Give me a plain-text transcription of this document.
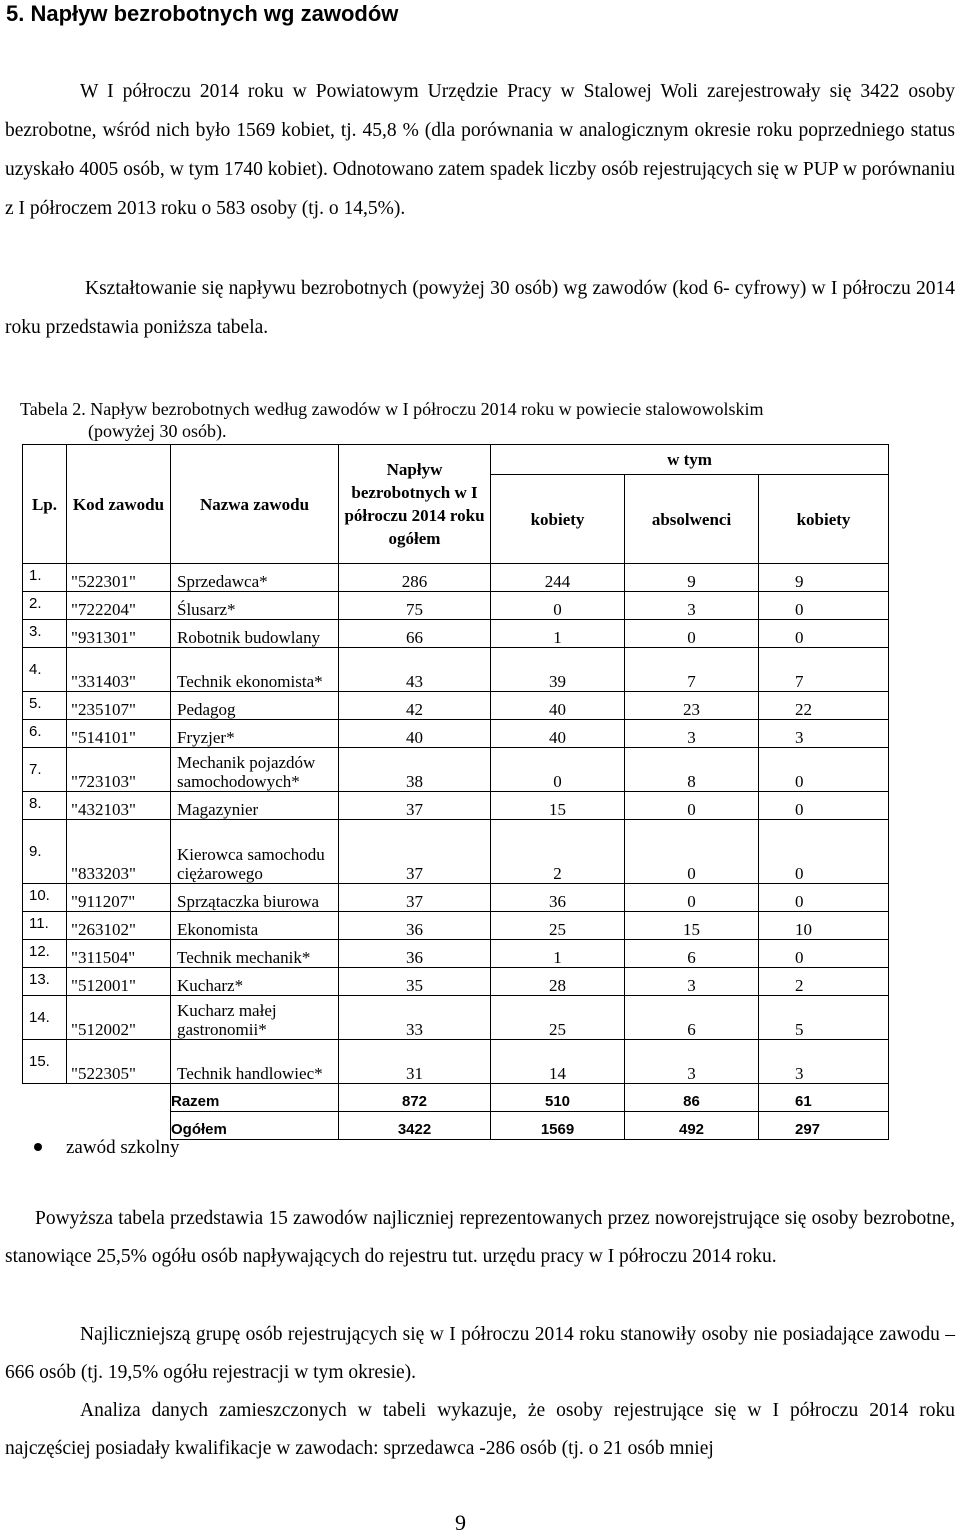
5. Napływ bezrobotnych wg zawodów

W I półroczu 2014 roku w Powiatowym Urzędzie Pracy w Stalowej Woli zarejestrowały się 3422 osoby bezrobotne, wśród nich było 1569 kobiet, tj. 45,8 % (dla porównania w analogicznym okresie roku poprzedniego status uzyskało 4005 osób, w tym 1740 kobiet). Odnotowano zatem spadek liczby osób rejestrujących się w PUP w porównaniu z I półroczem 2013 roku o 583 osoby (tj. o 14,5%).

Kształtowanie się napływu bezrobotnych (powyżej 30 osób) wg zawodów (kod 6- cyfrowy) w I półroczu 2014 roku przedstawia poniższa tabela.

Tabela 2. Napływ bezrobotnych według zawodów w I półroczu 2014 roku w powiecie stalowowolskim
(powyżej 30 osób).
Lp.	Kod zawodu	Nazwa zawodu	Napływ bezrobotnych w I półroczu 2014 roku ogółem	w tym		
				kobiety	absolwenci	kobiety
1.	"522301"	Sprzedawca*	286	244	9	9
2.	"722204"	Ślusarz*	75	0	3	0
3.	"931301"	Robotnik budowlany	66	1	0	0
4.	"331403"	Technik ekonomista*	43	39	7	7
5.	"235107"	Pedagog	42	40	23	22
6.	"514101"	Fryzjer*	40	40	3	3
7.	"723103"	Mechanik pojazdów samochodowych*	38	0	8	0
8.	"432103"	Magazynier	37	15	0	0
9.	"833203"	Kierowca samochodu ciężarowego	37	2	0	0
10.	"911207"	Sprzątaczka biurowa	37	36	0	0
11.	"263102"	Ekonomista	36	25	15	10
12.	"311504"	Technik mechanik*	36	1	6	0
13.	"512001"	Kucharz*	35	28	3	2
14.	"512002"	Kucharz małej gastronomii*	33	25	6	5
15.	"522305"	Technik handlowiec*	31	14	3	3
		Razem	872	510	86	61
		Ogółem	3422	1569	492	297
zawód szkolny

Powyższa tabela przedstawia 15 zawodów najliczniej reprezentowanych przez noworejstrujące się osoby bezrobotne, stanowiące 25,5% ogółu osób napływających do rejestru tut. urzędu pracy w I półroczu 2014 roku.

Najliczniejszą grupę osób rejestrujących się w I półroczu 2014 roku stanowiły osoby nie posiadające zawodu – 666 osób (tj. 19,5% ogółu rejestracji w tym okresie).

Analiza danych zamieszczonych w tabeli wykazuje, że osoby rejestrujące się w I półroczu 2014 roku najczęściej posiadały kwalifikacje w zawodach: sprzedawca -286 osób (tj. o 21 osób mniej

9
